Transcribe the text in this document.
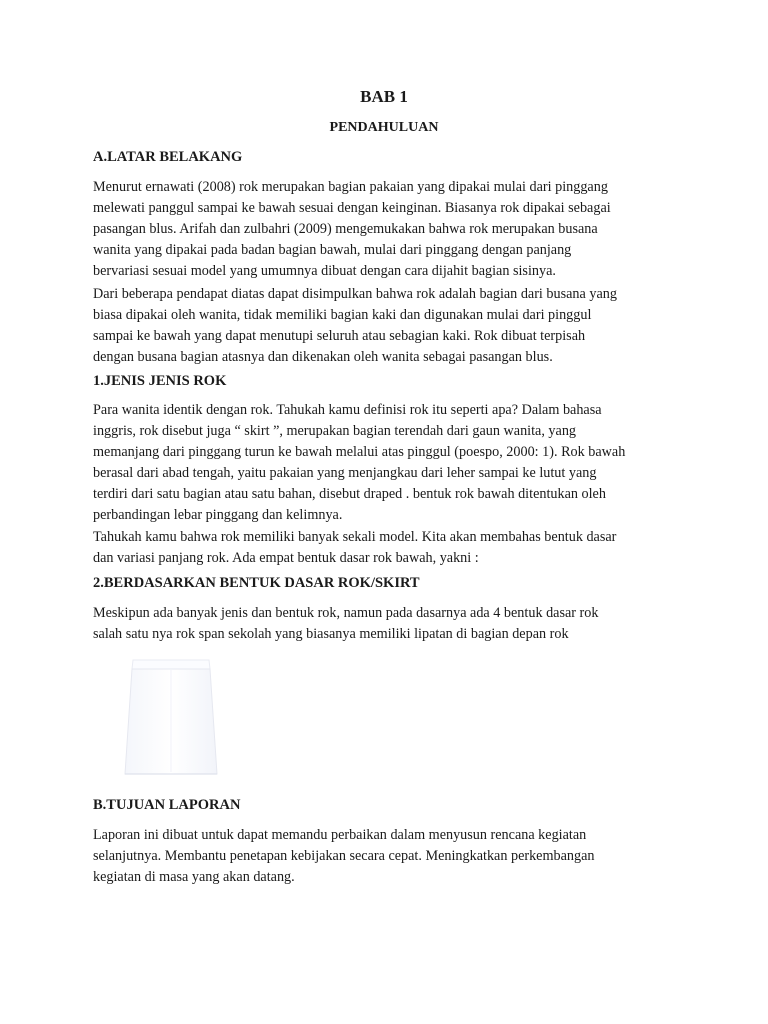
BAB 1
PENDAHULUAN
A.LATAR BELAKANG

Menurut ernawati (2008) rok merupakan bagian pakaian yang dipakai mulai dari pinggang
melewati panggul sampai ke bawah sesuai dengan keinginan. Biasanya rok dipakai sebagai
pasangan blus. Arifah dan zulbahri (2009) mengemukakan bahwa rok merupakan busana
wanita yang dipakai pada badan bagian bawah, mulai dari pinggang dengan panjang
bervariasi sesuai model yang umumnya dibuat dengan cara dijahit bagian sisinya.

Dari beberapa pendapat diatas dapat disimpulkan bahwa rok adalah bagian dari busana yang
biasa dipakai oleh wanita, tidak memiliki bagian kaki dan digunakan mulai dari pinggul
sampai ke bawah yang dapat menutupi seluruh atau sebagian kaki. Rok dibuat terpisah
dengan busana bagian atasnya dan dikenakan oleh wanita sebagai pasangan blus.

1.JENIS JENIS ROK

Para wanita identik dengan rok. Tahukah kamu definisi rok itu seperti apa? Dalam bahasa
inggris, rok disebut juga “ skirt ”, merupakan bagian terendah dari gaun wanita, yang
memanjang dari pinggang turun ke bawah melalui atas pinggul (poespo, 2000: 1). Rok bawah
berasal dari abad tengah, yaitu pakaian yang menjangkau dari leher sampai ke lutut yang
terdiri dari satu bagian atau satu bahan, disebut draped . bentuk rok bawah ditentukan oleh
perbandingan lebar pinggang dan kelimnya.

Tahukah kamu bahwa rok memiliki banyak sekali model. Kita akan membahas bentuk dasar
dan variasi panjang rok. Ada empat bentuk dasar rok bawah, yakni :

2.BERDASARKAN BENTUK DASAR ROK/SKIRT

Meskipun ada banyak jenis dan bentuk rok, namun pada dasarnya ada 4 bentuk dasar rok
salah satu nya rok span sekolah yang biasanya memiliki lipatan di bagian depan rok

B.TUJUAN LAPORAN

Laporan ini dibuat untuk dapat memandu perbaikan dalam menyusun rencana kegiatan
selanjutnya. Membantu penetapan kebijakan secara cepat. Meningkatkan perkembangan
kegiatan di masa yang akan datang.
